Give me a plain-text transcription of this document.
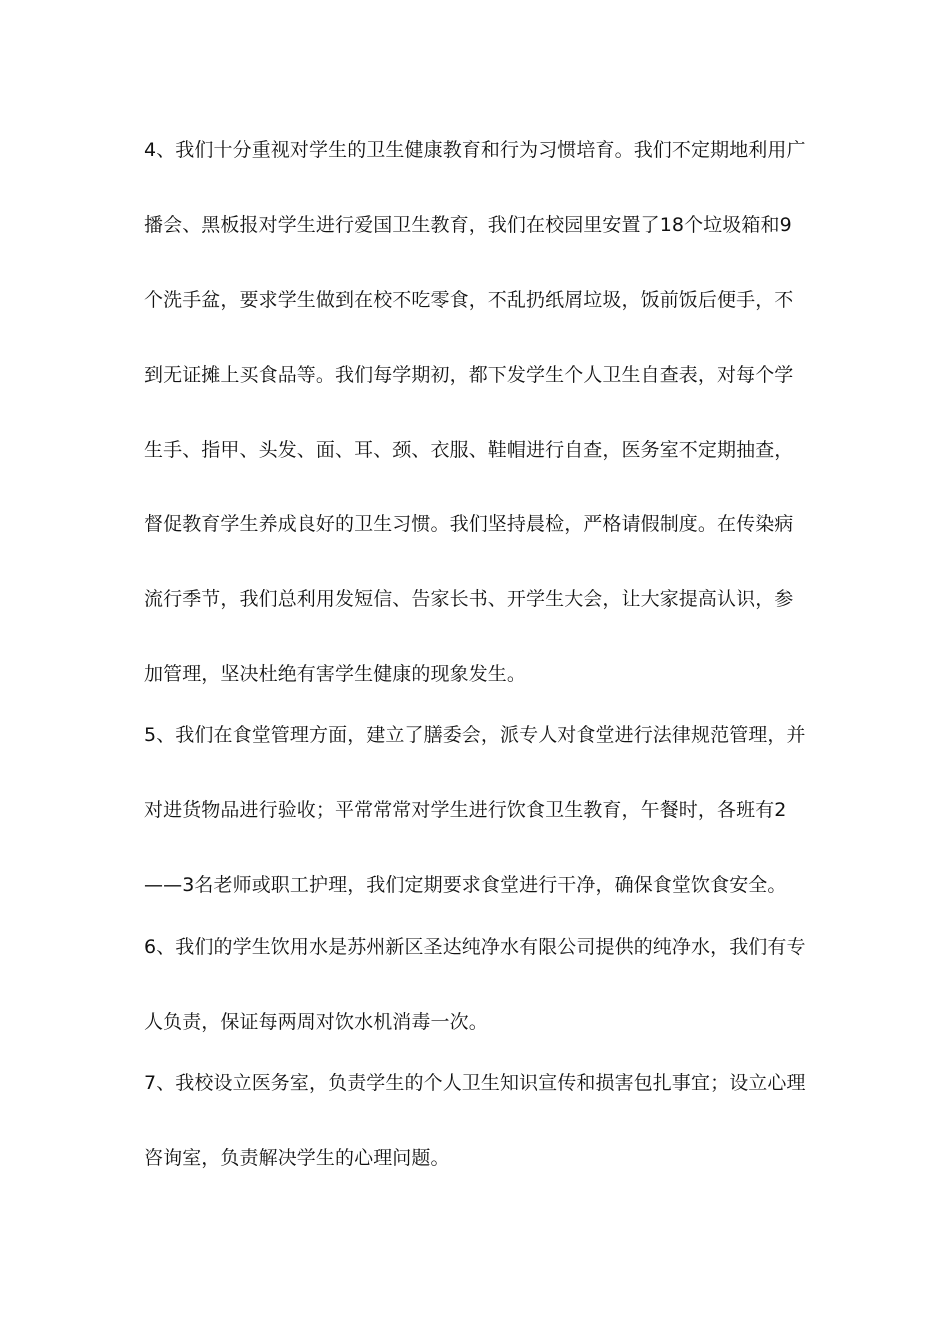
4、我们十分重视对学生的卫生健康教育和行为习惯培育。我们不定期地利用广
播会、黑板报对学生进行爱国卫生教育，我们在校园里安置了18个垃圾箱和9
个洗手盆，要求学生做到在校不吃零食，不乱扔纸屑垃圾，饭前饭后便手，不
到无证摊上买食品等。我们每学期初，都下发学生个人卫生自查表，对每个学
生手、指甲、头发、面、耳、颈、衣服、鞋帽进行自查，医务室不定期抽查，
督促教育学生养成良好的卫生习惯。我们坚持晨检，严格请假制度。在传染病
流行季节，我们总利用发短信、告家长书、开学生大会，让大家提高认识，参
加管理，坚决杜绝有害学生健康的现象发生。
5、我们在食堂管理方面，建立了膳委会，派专人对食堂进行法律规范管理，并
对进货物品进行验收；平常常常对学生进行饮食卫生教育，午餐时，各班有2
——3名老师或职工护理，我们定期要求食堂进行干净，确保食堂饮食安全。
6、我们的学生饮用水是苏州新区圣达纯净水有限公司提供的纯净水，我们有专
人负责，保证每两周对饮水机消毒一次。
7、我校设立医务室，负责学生的个人卫生知识宣传和损害包扎事宜；设立心理
咨询室，负责解决学生的心理问题。
